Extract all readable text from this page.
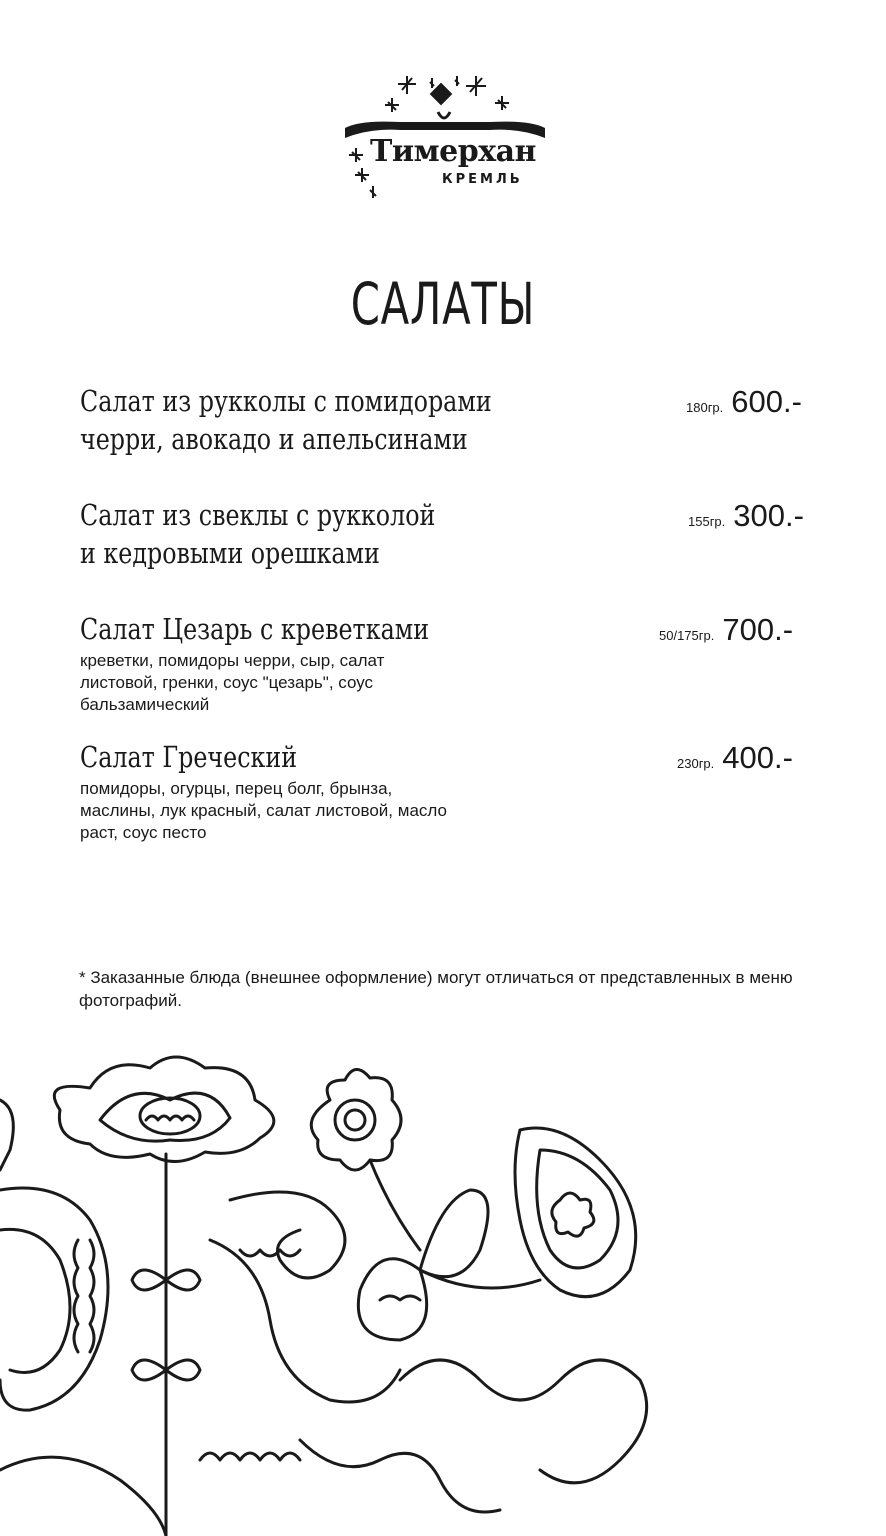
Тимерхан
КРЕМЛЬ
САЛАТЫ
Салат из рукколы с помидорами
черри, авокадо и апельсинами
180гр. 600.-
Салат из свеклы с рукколой
и кедровыми орешками
155гр. 300.-
Салат Цезарь с креветками
креветки, помидоры черри, сыр, салат листовой, гренки, соус "цезарь", соус бальзамический
50/175гр. 700.-
Салат Греческий
помидоры, огурцы, перец болг, брынза, маслины, лук красный, салат листовой, масло раст, соус песто
230гр. 400.-
* Заказанные блюда (внешнее оформление) могут отличаться от представленных в меню фотографий.
